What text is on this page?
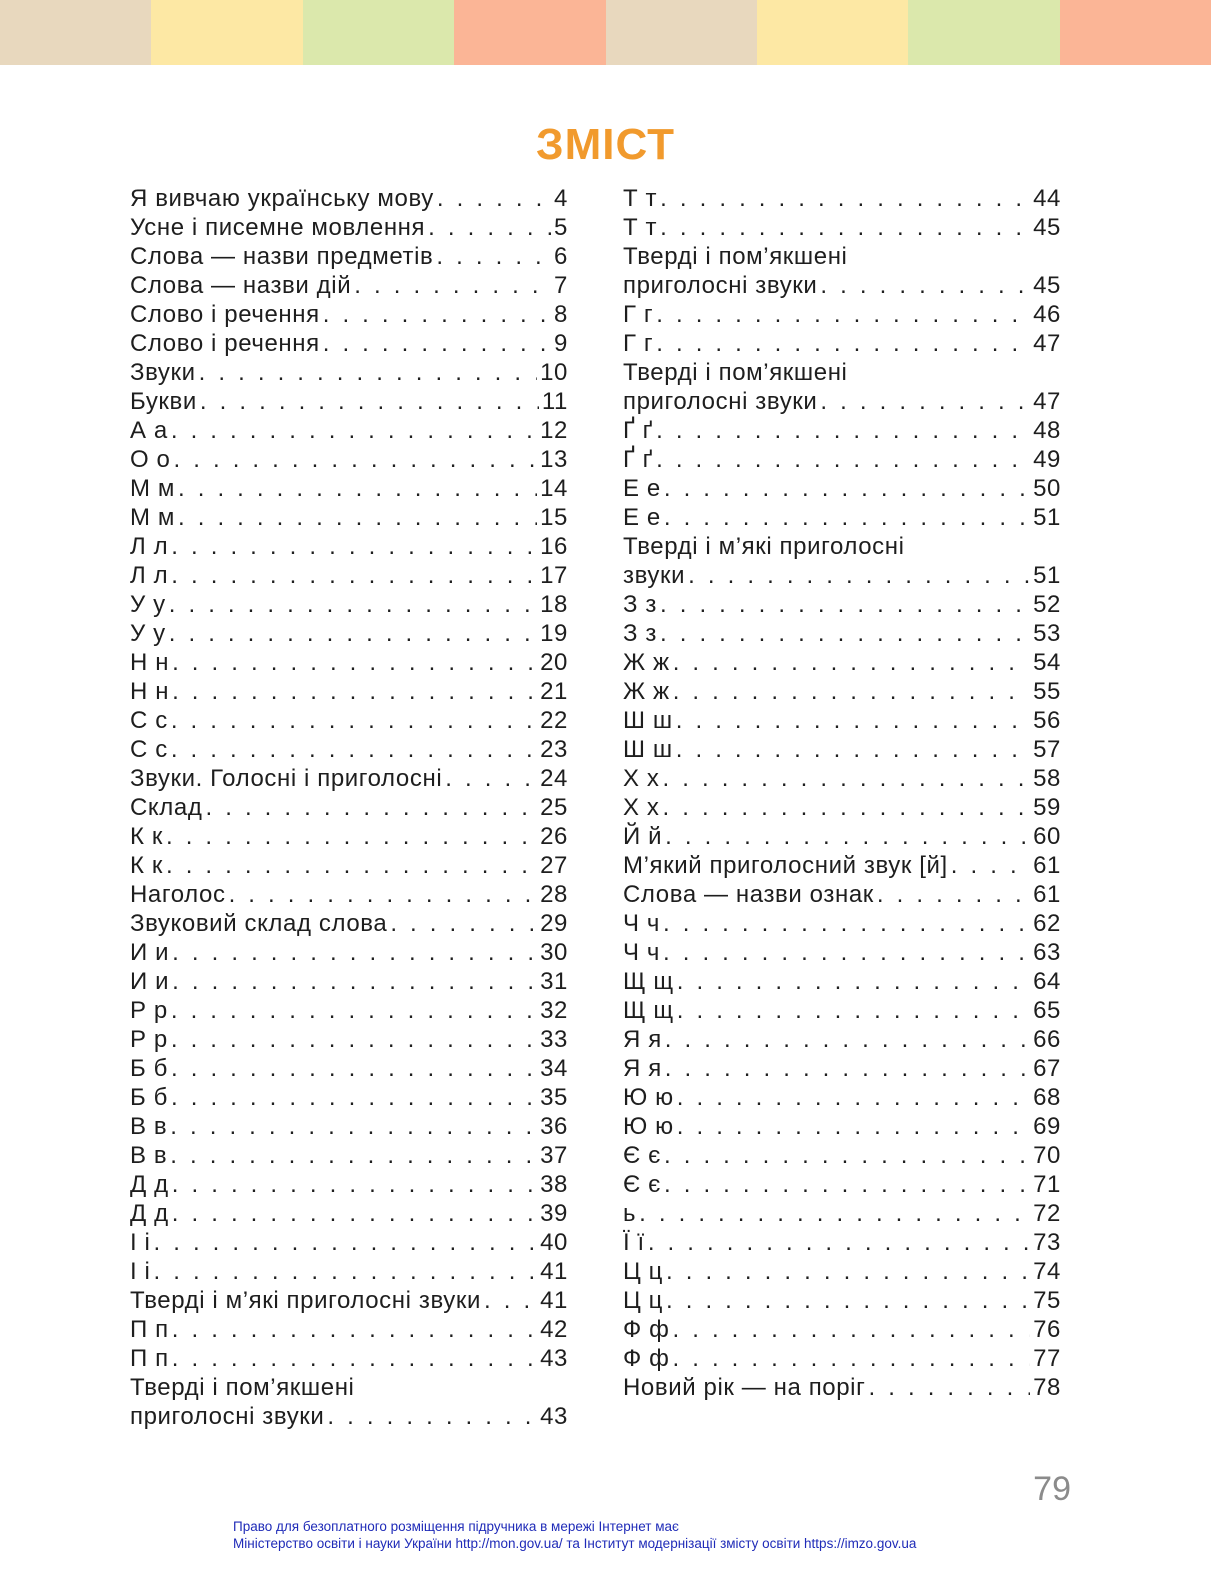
ЗМІСТ
Я вивчаю українську мову . . .	4
Усне і писемне мовлення . . .	5
Слова — назви предметів . . .	6
Слова — назви дій . . .	7
Слово і речення . . .	8
Слово і речення . . .	9
Звуки . . .	10
Букви . . .	11
А а . . .	12
О о . . .	13
М м . . .	14
М м . . .	15
Л л . . .	16
Л л . . .	17
У у . . .	18
У у . . .	19
Н н . . .	20
Н н . . .	21
С с . . .	22
С с . . .	23
Звуки. Голосні і приголосні . . .	24
Склад . . .	25
К к . . .	26
К к . . .	27
Наголос . . .	28
Звуковий склад слова . . .	29
И и . . .	30
И и . . .	31
Р р . . .	32
Р р . . .	33
Б б . . .	34
Б б . . .	35
В в . . .	36
В в . . .	37
Д д . . .	38
Д д . . .	39
І і . . .	40
І і . . .	41
Тверді і м’які приголосні звуки . . . 41
П п . . .	42
П п . . .	43
Тверді і пом’якшені
приголосні звуки . . .	43
Т т . . .	44
Т т . . .	45
Тверді і пом’якшені
приголосні звуки . . .	45
Г г . . .	46
Г г . . .	47
Тверді і пом’якшені
приголосні звуки . . .	47
Ґ ґ . . .	48
Ґ ґ . . .	49
Е е . . .	50
Е е . . .	51
Тверді і м’які приголосні
звуки . . .	51
З з . . .	52
З з . . .	53
Ж ж . . .	54
Ж ж . . .	55
Ш ш . . .	56
Ш ш . . .	57
Х х . . .	58
Х х . . .	59
Й й . . .	60
М’який приголосний звук [й] . . .	61
Слова — назви ознак . . .	61
Ч ч . . .	62
Ч ч . . .	63
Щ щ . . .	64
Щ щ . . .	65
Я я . . .	66
Я я . . .	67
Ю ю . . .	68
Ю ю . . .	69
Є є . . .	70
Є є . . .	71
ь . . .	72
Ї ї . . .	73
Ц ц . . .	74
Ц ц . . .	75
Ф ф . . .	76
Ф ф . . .	77
Новий рік — на поріг . . .	78
79
Право для безоплатного розміщення підручника в мережі Інтернет має
Міністерство освіти і науки України http://mon.gov.ua/ та Інститут модернізації змісту освіти https://imzo.gov.ua
